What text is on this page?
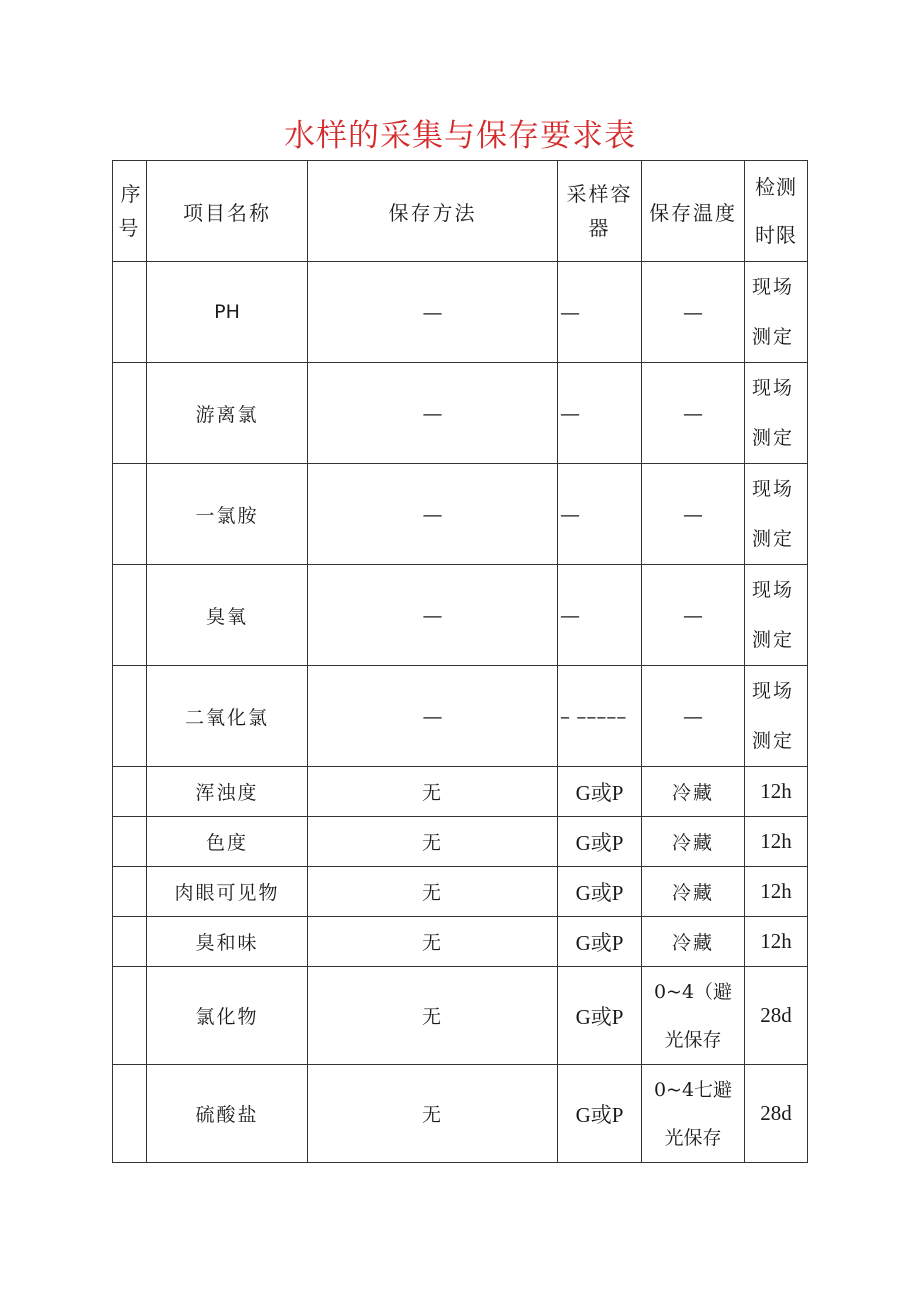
水样的采集与保存要求表
序号	项目名称	保存方法	采样容器	保存温度	检测时限
	PH	—	—	—	现场测定
	游离氯	—	—	—	现场测定
	一氯胺	—	—	—	现场测定
	臭氧	—	—	—	现场测定
	二氧化氯	—	– –––––	—	现场测定
	浑浊度	无	G或P	冷藏	12h
	色度	无	G或P	冷藏	12h
	肉眼可见物	无	G或P	冷藏	12h
	臭和味	无	G或P	冷藏	12h
	氯化物	无	G或P	0~4（避光保存	28d
	硫酸盐	无	G或P	0~4七避光保存	28d
